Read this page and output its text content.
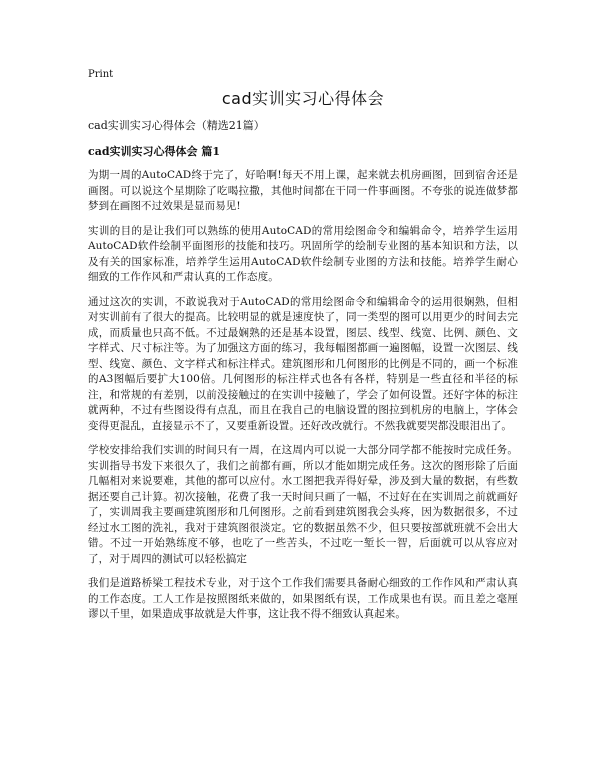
Print
cad实训实习心得体会
cad实训实习心得体会（精选21篇）
cad实训实习心得体会 篇1

为期一周的AutoCAD终于完了，好哈啊!每天不用上课，起来就去机房画图，回到宿舍还是画图。可以说这个星期除了吃喝拉撒，其他时间都在干同一件事画图。不夸张的说连做梦都梦到在画图不过效果是显而易见!

实训的目的是让我们可以熟练的使用AutoCAD的常用绘图命令和编辑命令，培养学生运用AutoCAD软件绘制平面图形的技能和技巧。巩固所学的绘制专业图的基本知识和方法，以及有关的国家标准，培养学生运用AutoCAD软件绘制专业图的方法和技能。培养学生耐心细致的工作作风和严肃认真的工作态度。

通过这次的实训，不敢说我对于AutoCAD的常用绘图命令和编辑命令的运用很娴熟，但相对实训前有了很大的提高。比较明显的就是速度快了，同一类型的图可以用更少的时间去完成，而质量也只高不低。不过最娴熟的还是基本设置，图层、线型、线宽、比例、颜色、文字样式、尺寸标注等。为了加强这方面的练习，我每幅图都画一遍图幅，设置一次图层、线型、线宽、颜色、文字样式和标注样式。建筑图形和几何图形的比例是不同的，画一个标准的A3图幅后要扩大100倍。几何图形的标注样式也各有各样，特别是一些直径和半径的标注，和常规的有差别，以前没接触过的在实训中接触了，学会了如何设置。还好字体的标注就两种，不过有些图设得有点乱，而且在我自己的电脑设置的图拉到机房的电脑上，字体会变得更混乱，直接显示不了，又要重新设置。还好改改就行。不然我就要哭都没眼泪出了。

学校安排给我们实训的时间只有一周，在这周内可以说一大部分同学都不能按时完成任务。实训指导书发下来很久了，我们之前都有画，所以才能如期完成任务。这次的图形除了后面几幅相对来说要难，其他的都可以应付。水工图把我弄得好晕，涉及到大量的数据，有些数据还要自己计算。初次接触，花费了我一天时间只画了一幅，不过好在在实训周之前就画好了，实训周我主要画建筑图形和几何图形。之前看到建筑图我会头疼，因为数据很多，不过经过水工图的洗礼，我对于建筑图很淡定。它的数据虽然不少，但只要按部就班就不会出大错。不过一开始熟练度不够，也吃了一些苦头，不过吃一堑长一智，后面就可以从容应对了，对于周四的测试可以轻松搞定

我们是道路桥梁工程技术专业，对于这个工作我们需要具备耐心细致的工作作风和严肃认真的工作态度。工人工作是按照图纸来做的，如果图纸有误，工作成果也有误。而且差之毫厘谬以千里，如果造成事故就是大件事，这让我不得不细致认真起来。
